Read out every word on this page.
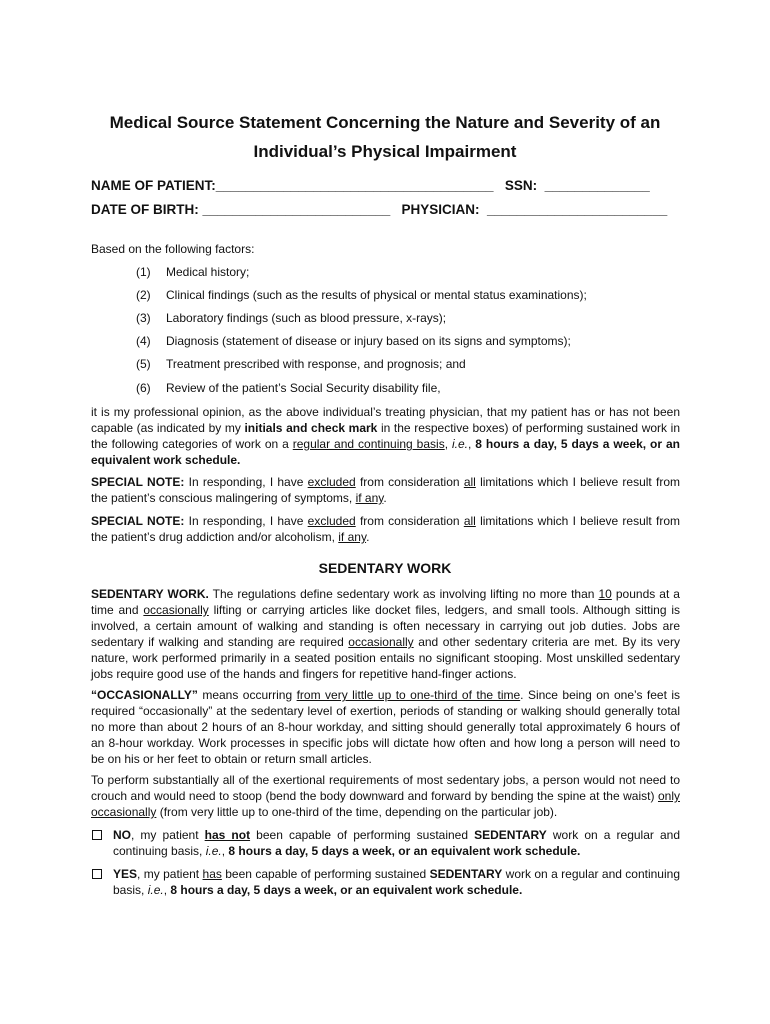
Medical Source Statement Concerning the Nature and Severity of an
Individual’s Physical Impairment
NAME OF PATIENT:_____________________________________ SSN: ______________
DATE OF BIRTH: _________________________ PHYSICIAN: ________________________

Based on the following factors:

(1) Medical history;
(2) Clinical findings (such as the results of physical or mental status examinations);
(3) Laboratory findings (such as blood pressure, x-rays);
(4) Diagnosis (statement of disease or injury based on its signs and symptoms);
(5) Treatment prescribed with response, and prognosis; and
(6) Review of the patient’s Social Security disability file,

it is my professional opinion, as the above individual’s treating physician, that my patient has or has not been capable (as indicated by my initials and check mark in the respective boxes) of performing sustained work in the following categories of work on a regular and continuing basis, i.e., 8 hours a day, 5 days a week, or an equivalent work schedule.

SPECIAL NOTE: In responding, I have excluded from consideration all limitations which I believe result from the patient’s conscious malingering of symptoms, if any.

SPECIAL NOTE: In responding, I have excluded from consideration all limitations which I believe result from the patient’s drug addiction and/or alcoholism, if any.

SEDENTARY WORK

SEDENTARY WORK. The regulations define sedentary work as involving lifting no more than 10 pounds at a time and occasionally lifting or carrying articles like docket files, ledgers, and small tools. Although sitting is involved, a certain amount of walking and standing is often necessary in carrying out job duties. Jobs are sedentary if walking and standing are required occasionally and other sedentary criteria are met. By its very nature, work performed primarily in a seated position entails no significant stooping. Most unskilled sedentary jobs require good use of the hands and fingers for repetitive hand-finger actions.

“OCCASIONALLY” means occurring from very little up to one-third of the time. Since being on one’s feet is required “occasionally” at the sedentary level of exertion, periods of standing or walking should generally total no more than about 2 hours of an 8-hour workday, and sitting should generally total approximately 6 hours of an 8-hour workday. Work processes in specific jobs will dictate how often and how long a person will need to be on his or her feet to obtain or return small articles.

To perform substantially all of the exertional requirements of most sedentary jobs, a person would not need to crouch and would need to stoop (bend the body downward and forward by bending the spine at the waist) only occasionally (from very little up to one-third of the time, depending on the particular job).

NO, my patient has not been capable of performing sustained SEDENTARY work on a regular and continuing basis, i.e., 8 hours a day, 5 days a week, or an equivalent work schedule.
YES, my patient has been capable of performing sustained SEDENTARY work on a regular and continuing basis, i.e., 8 hours a day, 5 days a week, or an equivalent work schedule.
